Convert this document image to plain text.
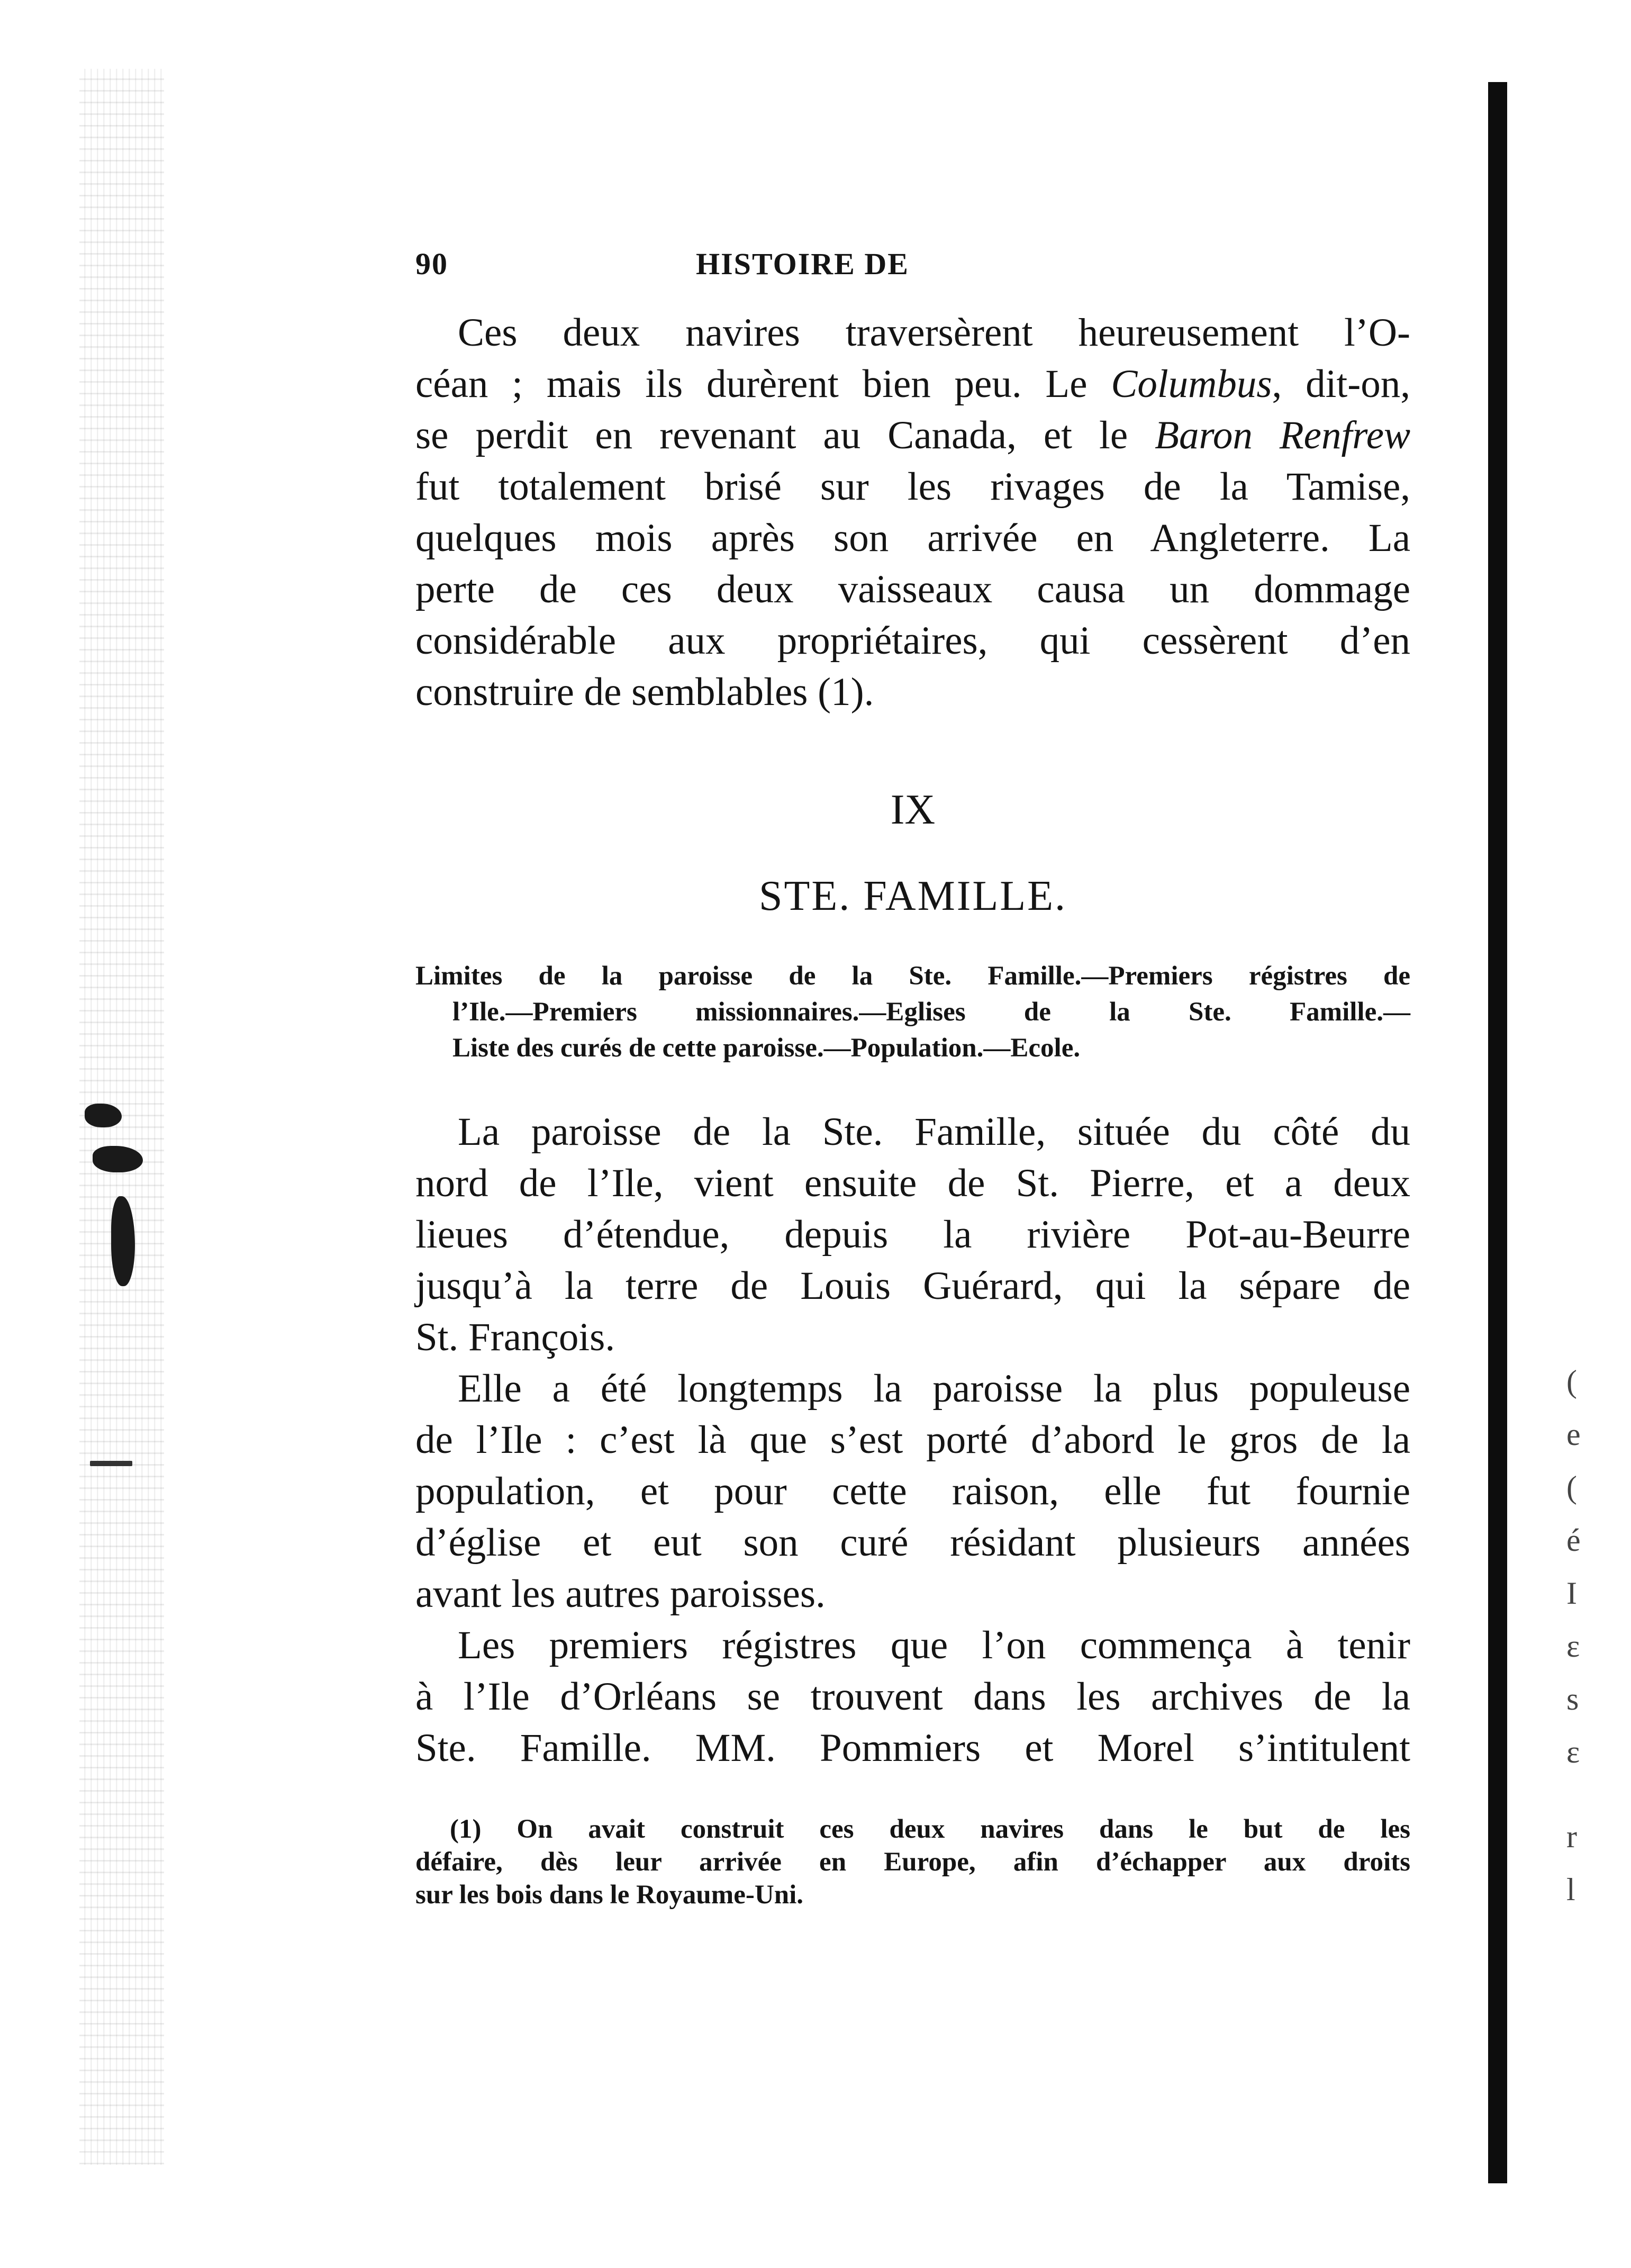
(
e
(
é
I
ε
s
ε
r
l
90	HISTOIRE DE
Ces deux navires traversèrent heureusement l’O-
céan ; mais ils durèrent bien peu. Le Columbus, dit-on,
se perdit en revenant au Canada, et le Baron Renfrew
fut totalement brisé sur les rivages de la Tamise,
quelques mois après son arrivée en Angleterre. La
perte de ces deux vaisseaux causa un dommage
considérable aux propriétaires, qui cessèrent d’en
construire de semblables (1).
IX
STE. FAMILLE.
Limites de la paroisse de la Ste. Famille.—Premiers régistres de
l’Ile.—Premiers missionnaires.—Eglises de la Ste. Famille.—
Liste des curés de cette paroisse.—Population.—Ecole.
La paroisse de la Ste. Famille, située du côté du
nord de l’Ile, vient ensuite de St. Pierre, et a deux
lieues d’étendue, depuis la rivière Pot-au-Beurre
jusqu’à la terre de Louis Guérard, qui la sépare de
St. François.
Elle a été longtemps la paroisse la plus populeuse
de l’Ile : c’est là que s’est porté d’abord le gros de la
population, et pour cette raison, elle fut fournie
d’église et eut son curé résidant plusieurs années
avant les autres paroisses.
Les premiers régistres que l’on commença à tenir
à l’Ile d’Orléans se trouvent dans les archives de la
Ste. Famille. MM. Pommiers et Morel s’intitulent
(1) On avait construit ces deux navires dans le but de les
défaire, dès leur arrivée en Europe, afin d’échapper aux droits
sur les bois dans le Royaume-Uni.
